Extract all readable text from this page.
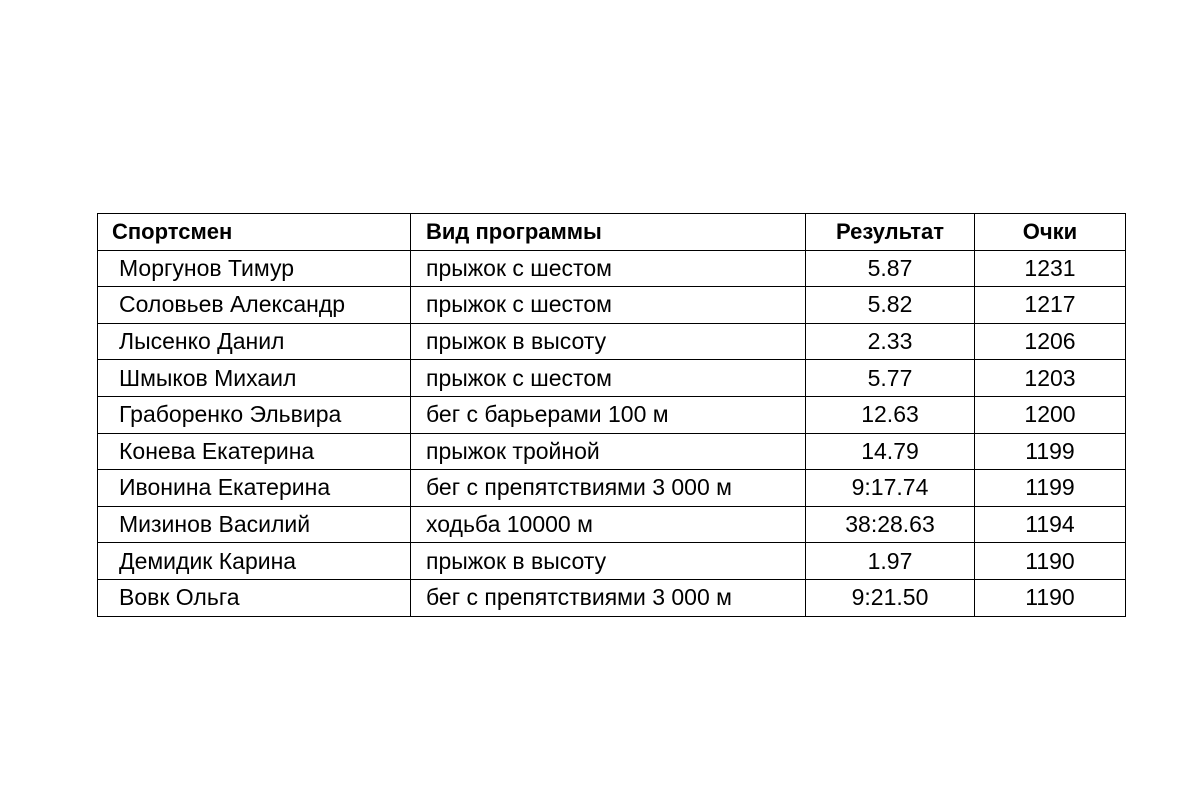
Спортсмен	Вид программы	Результат	Очки
Моргунов Тимур	прыжок с шестом	5.87	1231
Соловьев Александр	прыжок с шестом	5.82	1217
Лысенко Данил	прыжок в высоту	2.33	1206
Шмыков Михаил	прыжок с шестом	5.77	1203
Граборенко Эльвира	бег с барьерами 100 м	12.63	1200
Конева Екатерина	прыжок тройной	14.79	1199
Ивонина Екатерина	бег с препятствиями 3 000 м	9:17.74	1199
Мизинов Василий	ходьба 10000 м	38:28.63	1194
Демидик Карина	прыжок в высоту	1.97	1190
Вовк Ольга	бег с препятствиями 3 000 м	9:21.50	1190
